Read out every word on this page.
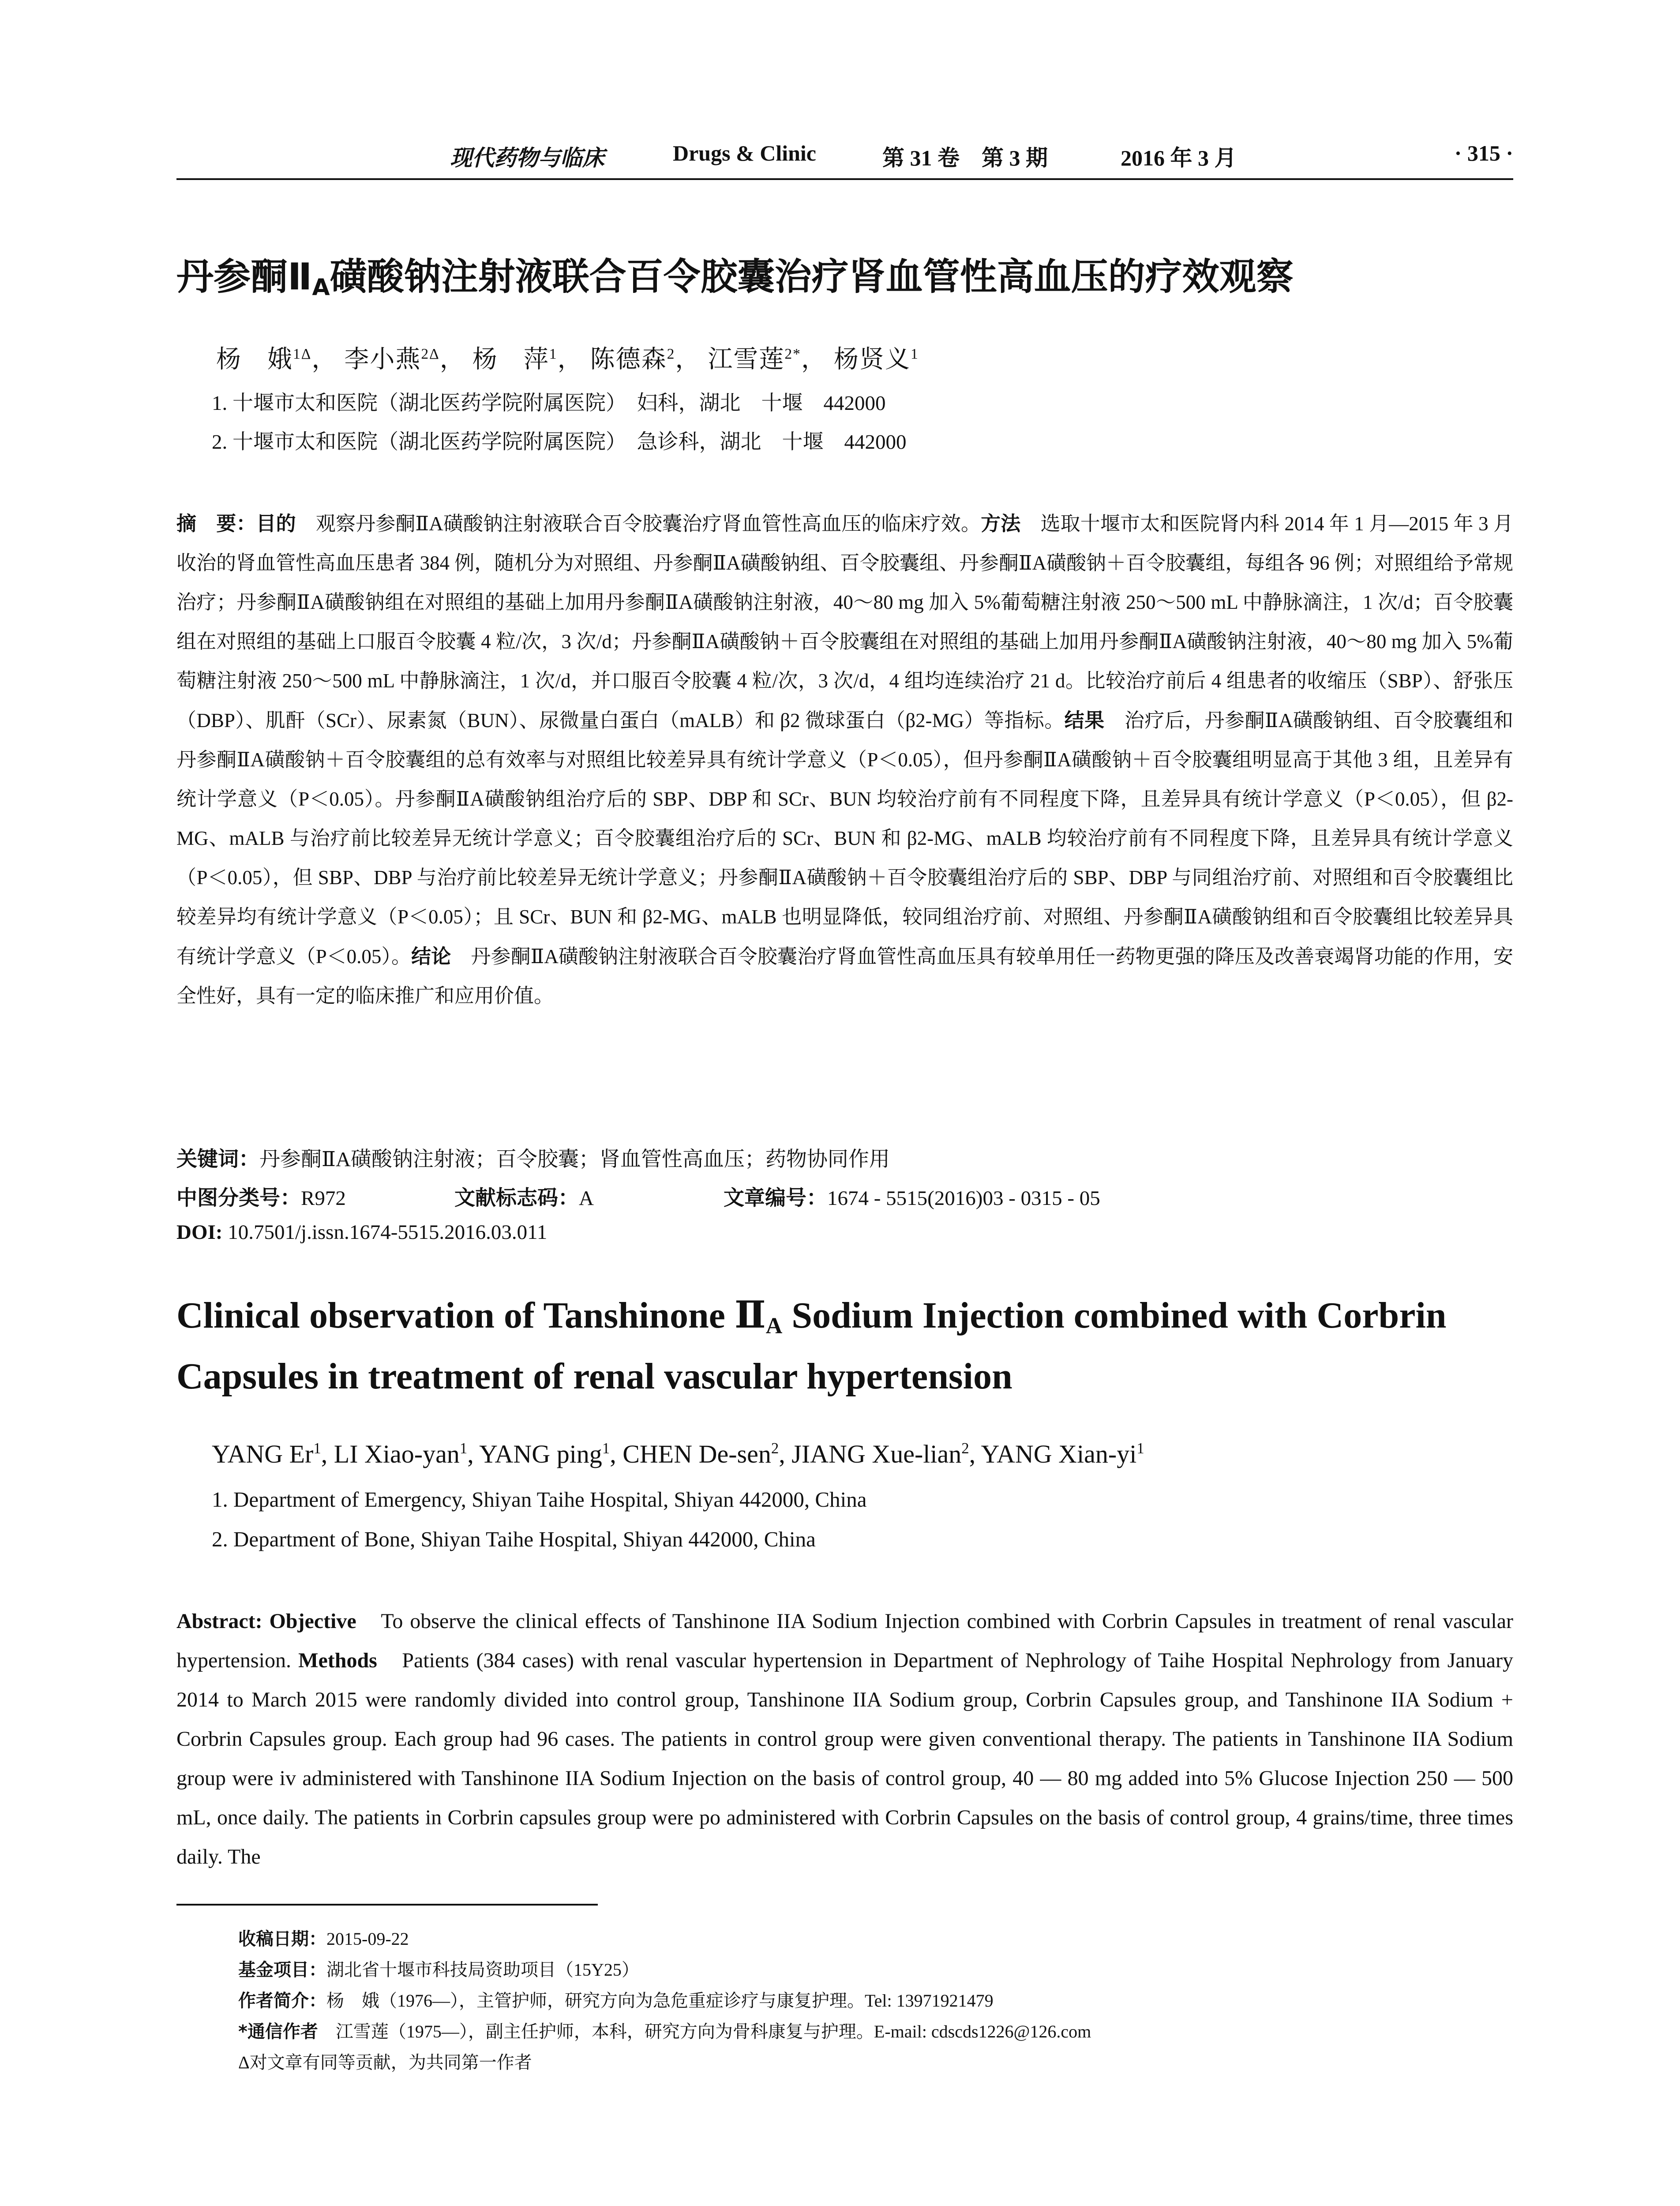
现代药物与临床	Drugs & Clinic	第 31 卷　第 3 期	2016 年 3 月	· 315 ·
丹参酮$Ⅱ_A$磺酸钠注射液联合百令胶囊治疗肾血管性高血压的疗效观察
杨　娥$^{1\Delta}$， 李小燕$^{2\Delta}$， 杨　萍$^1$， 陈德森$^2$， 江雪莲$^{2*}$， 杨贤义$^1$
1. 十堰市太和医院（湖北医药学院附属医院）　妇科，湖北　十堰　442000
2. 十堰市太和医院（湖北医药学院附属医院）　急诊科，湖北　十堰　442000
摘　要：目的　观察丹参酮ⅡA磺酸钠注射液联合百令胶囊治疗肾血管性高血压的临床疗效。方法　选取十堰市太和医院肾内科 2014 年 1 月—2015 年 3 月收治的肾血管性高血压患者 384 例，随机分为对照组、丹参酮ⅡA磺酸钠组、百令胶囊组、丹参酮ⅡA磺酸钠＋百令胶囊组，每组各 96 例；对照组给予常规治疗；丹参酮ⅡA磺酸钠组在对照组的基础上加用丹参酮ⅡA磺酸钠注射液，40～80 mg 加入 5%葡萄糖注射液 250～500 mL 中静脉滴注，1 次/d；百令胶囊组在对照组的基础上口服百令胶囊 4 粒/次，3 次/d；丹参酮ⅡA磺酸钠＋百令胶囊组在对照组的基础上加用丹参酮ⅡA磺酸钠注射液，40～80 mg 加入 5%葡萄糖注射液 250～500 mL 中静脉滴注，1 次/d，并口服百令胶囊 4 粒/次，3 次/d，4 组均连续治疗 21 d。比较治疗前后 4 组患者的收缩压（SBP）、舒张压（DBP）、肌酐（SCr）、尿素氮（BUN）、尿微量白蛋白（mALB）和 β2 微球蛋白（β2-MG）等指标。结果　治疗后，丹参酮ⅡA磺酸钠组、百令胶囊组和丹参酮ⅡA磺酸钠＋百令胶囊组的总有效率与对照组比较差异具有统计学意义（P＜0.05），但丹参酮ⅡA磺酸钠＋百令胶囊组明显高于其他 3 组，且差异有统计学意义（P＜0.05）。丹参酮ⅡA磺酸钠组治疗后的 SBP、DBP 和 SCr、BUN 均较治疗前有不同程度下降，且差异具有统计学意义（P＜0.05），但 β2-MG、mALB 与治疗前比较差异无统计学意义；百令胶囊组治疗后的 SCr、BUN 和 β2-MG、mALB 均较治疗前有不同程度下降，且差异具有统计学意义（P＜0.05），但 SBP、DBP 与治疗前比较差异无统计学意义；丹参酮ⅡA磺酸钠＋百令胶囊组治疗后的 SBP、DBP 与同组治疗前、对照组和百令胶囊组比较差异均有统计学意义（P＜0.05）；且 SCr、BUN 和 β2-MG、mALB 也明显降低，较同组治疗前、对照组、丹参酮ⅡA磺酸钠组和百令胶囊组比较差异具有统计学意义（P＜0.05）。结论　丹参酮ⅡA磺酸钠注射液联合百令胶囊治疗肾血管性高血压具有较单用任一药物更强的降压及改善衰竭肾功能的作用，安全性好，具有一定的临床推广和应用价值。
关键词：丹参酮ⅡA磺酸钠注射液；百令胶囊；肾血管性高血压；药物协同作用
中图分类号：R972	文献标志码：A	文章编号：1674 - 5515(2016)03 - 0315 - 05
DOI: 10.7501/j.issn.1674-5515.2016.03.011
Clinical observation of Tanshinone $Ⅱ_A$ Sodium Injection combined with Corbrin Capsules in treatment of renal vascular hypertension
YANG Er$^1$, LI Xiao-yan$^1$, YANG ping$^1$, CHEN De-sen$^2$, JIANG Xue-lian$^2$, YANG Xian-$yi^1$
1. Department of Emergency, Shiyan Taihe Hospital, Shiyan 442000, China
2. Department of Bone, Shiyan Taihe Hospital, Shiyan 442000, China
Abstract: Objective　To observe the clinical effects of Tanshinone IIA Sodium Injection combined with Corbrin Capsules in treatment of renal vascular hypertension. Methods　Patients (384 cases) with renal vascular hypertension in Department of Nephrology of Taihe Hospital Nephrology from January 2014 to March 2015 were randomly divided into control group, Tanshinone IIA Sodium group, Corbrin Capsules group, and Tanshinone IIA Sodium + Corbrin Capsules group. Each group had 96 cases. The patients in control group were given conventional therapy. The patients in Tanshinone IIA Sodium group were iv administered with Tanshinone IIA Sodium Injection on the basis of control group, 40 — 80 mg added into 5% Glucose Injection 250 — 500 mL, once daily. The patients in Corbrin capsules group were po administered with Corbrin Capsules on the basis of control group, 4 grains/time, three times daily. The
收稿日期：2015-09-22
基金项目：湖北省十堰市科技局资助项目（15Y25）
作者简介：杨　娥（1976—），主管护师，研究方向为急危重症诊疗与康复护理。Tel: 13971921479
*通信作者　江雪莲（1975—），副主任护师，本科，研究方向为骨科康复与护理。E-mail: cdscds1226@126.com
Δ对文章有同等贡献，为共同第一作者
